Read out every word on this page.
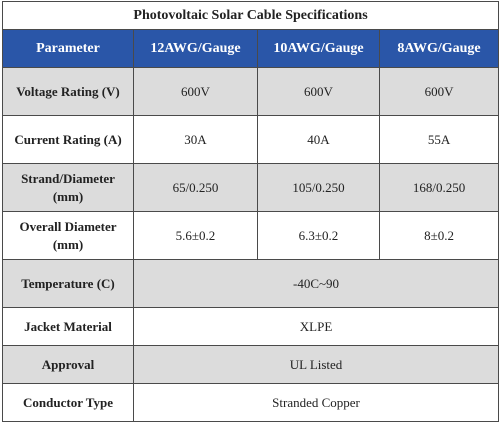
Photovoltaic Solar Cable Specifications			
Parameter	12AWG/Gauge	10AWG/Gauge	8AWG/Gauge
Voltage Rating (V)	600V	600V	600V
Current Rating (A)	30A	40A	55A
Strand/Diameter (mm)	65/0.250	105/0.250	168/0.250
Overall Diameter (mm)	5.6±0.2	6.3±0.2	8±0.2
Temperature (C)	-40C~90		
Jacket Material	XLPE		
Approval	UL Listed		
Conductor Type	Stranded Copper		
